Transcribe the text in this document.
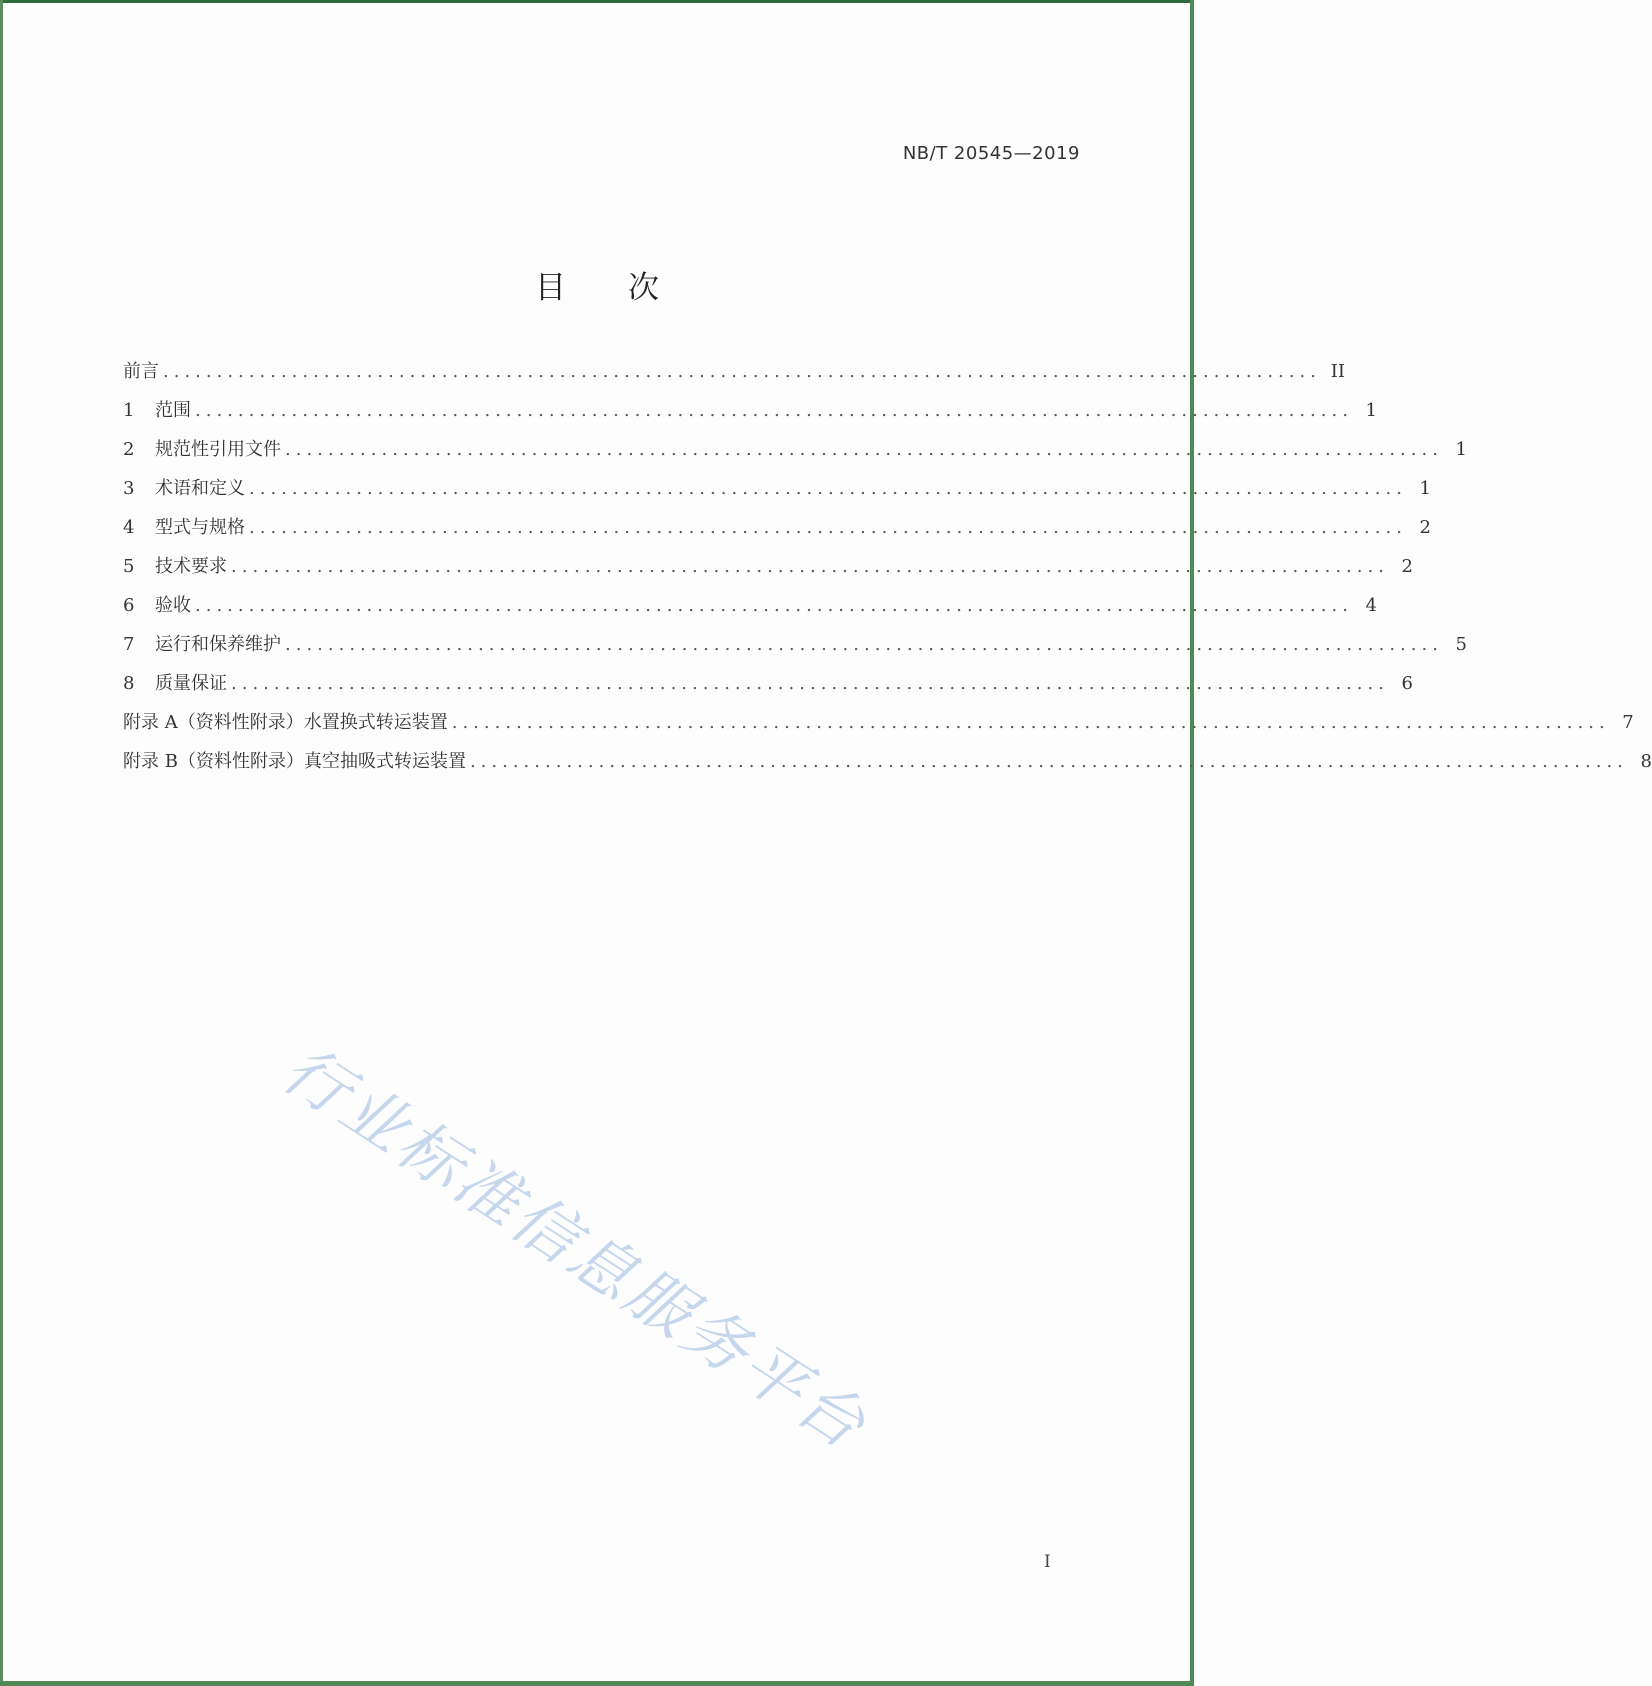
NB/T 20545—2019
目 次
前言 ............................................................................................................ II
1	范围 ............................................................................................................ 1
2	规范性引用文件 ............................................................................................................ 1
3	术语和定义 ............................................................................................................ 1
4	型式与规格 ............................................................................................................ 2
5	技术要求 ............................................................................................................ 2
6	验收 ............................................................................................................ 4
7	运行和保养维护 ............................................................................................................ 5
8	质量保证 ............................................................................................................ 6
附录 A（资料性附录） 水置换式转运装置 ............................................................................................................ 7
附录 B（资料性附录） 真空抽吸式转运装置 ............................................................................................................ 8
行业标准信息服务平台
I
